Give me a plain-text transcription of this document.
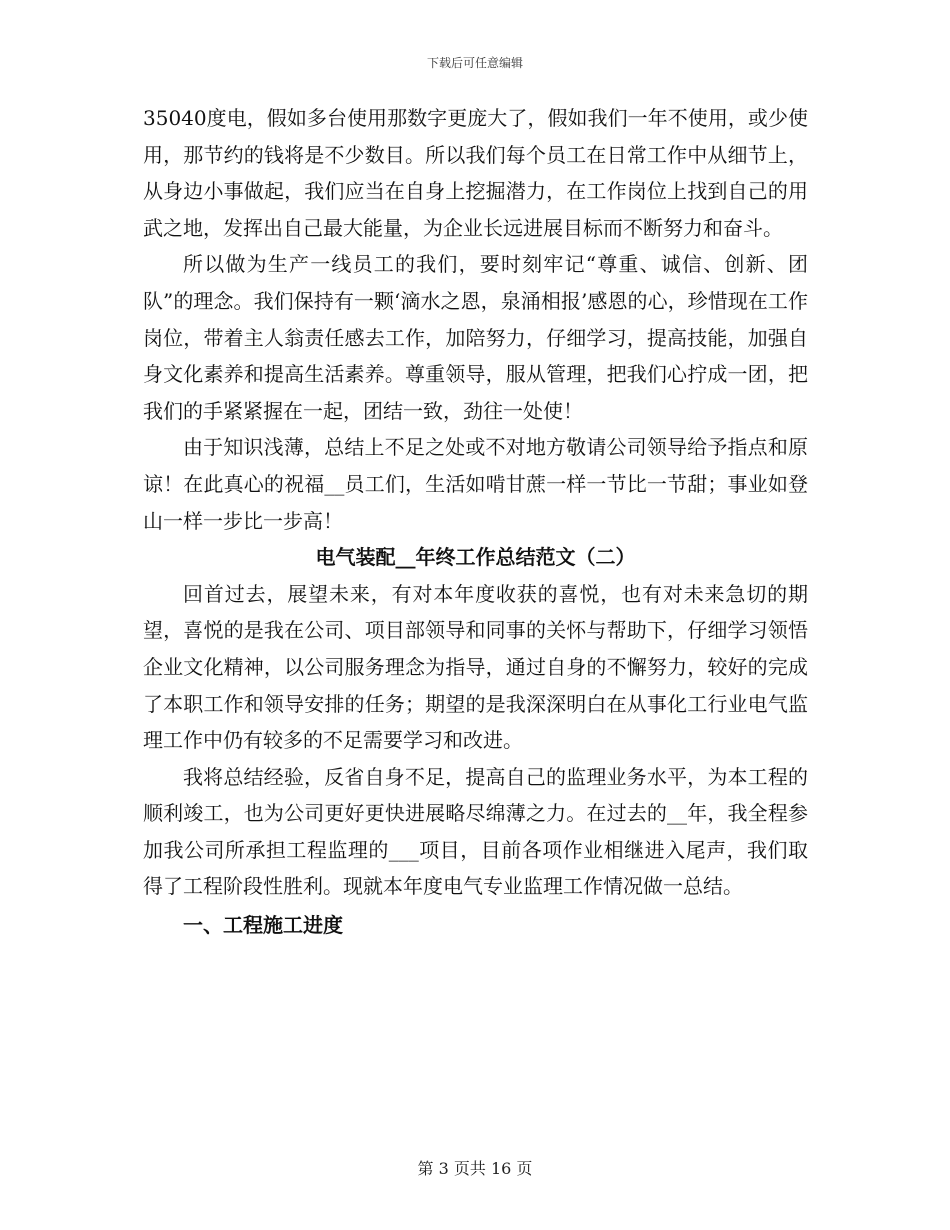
下载后可任意编辑

35040度电，假如多台使用那数字更庞大了，假如我们一年不使用，或少使用，那节约的钱将是不少数目。所以我们每个员工在日常工作中从细节上，从身边小事做起，我们应当在自身上挖掘潜力，在工作岗位上找到自己的用武之地，发挥出自己最大能量，为企业长远进展目标而不断努力和奋斗。

所以做为生产一线员工的我们，要时刻牢记“尊重、诚信、创新、团队”的理念。我们保持有一颗‘滴水之恩，泉涌相报’感恩的心，珍惜现在工作岗位，带着主人翁责任感去工作，加陪努力，仔细学习，提高技能，加强自身文化素养和提高生活素养。尊重领导，服从管理，把我们心拧成一团，把我们的手紧紧握在一起，团结一致，劲往一处使！

由于知识浅薄，总结上不足之处或不对地方敬请公司领导给予指点和原谅！在此真心的祝福__员工们，生活如啃甘蔗一样一节比一节甜；事业如登山一样一步比一步高！

电气装配__年终工作总结范文（二）

回首过去，展望未来，有对本年度收获的喜悦，也有对未来急切的期望，喜悦的是我在公司、项目部领导和同事的关怀与帮助下，仔细学习领悟企业文化精神，以公司服务理念为指导，通过自身的不懈努力，较好的完成了本职工作和领导安排的任务；期望的是我深深明白在从事化工行业电气监理工作中仍有较多的不足需要学习和改进。

我将总结经验，反省自身不足，提高自己的监理业务水平，为本工程的顺利竣工，也为公司更好更快进展略尽绵薄之力。在过去的__年，我全程参加我公司所承担工程监理的___项目，目前各项作业相继进入尾声，我们取得了工程阶段性胜利。现就本年度电气专业监理工作情况做一总结。

一、工程施工进度

第 3 页共 16 页
